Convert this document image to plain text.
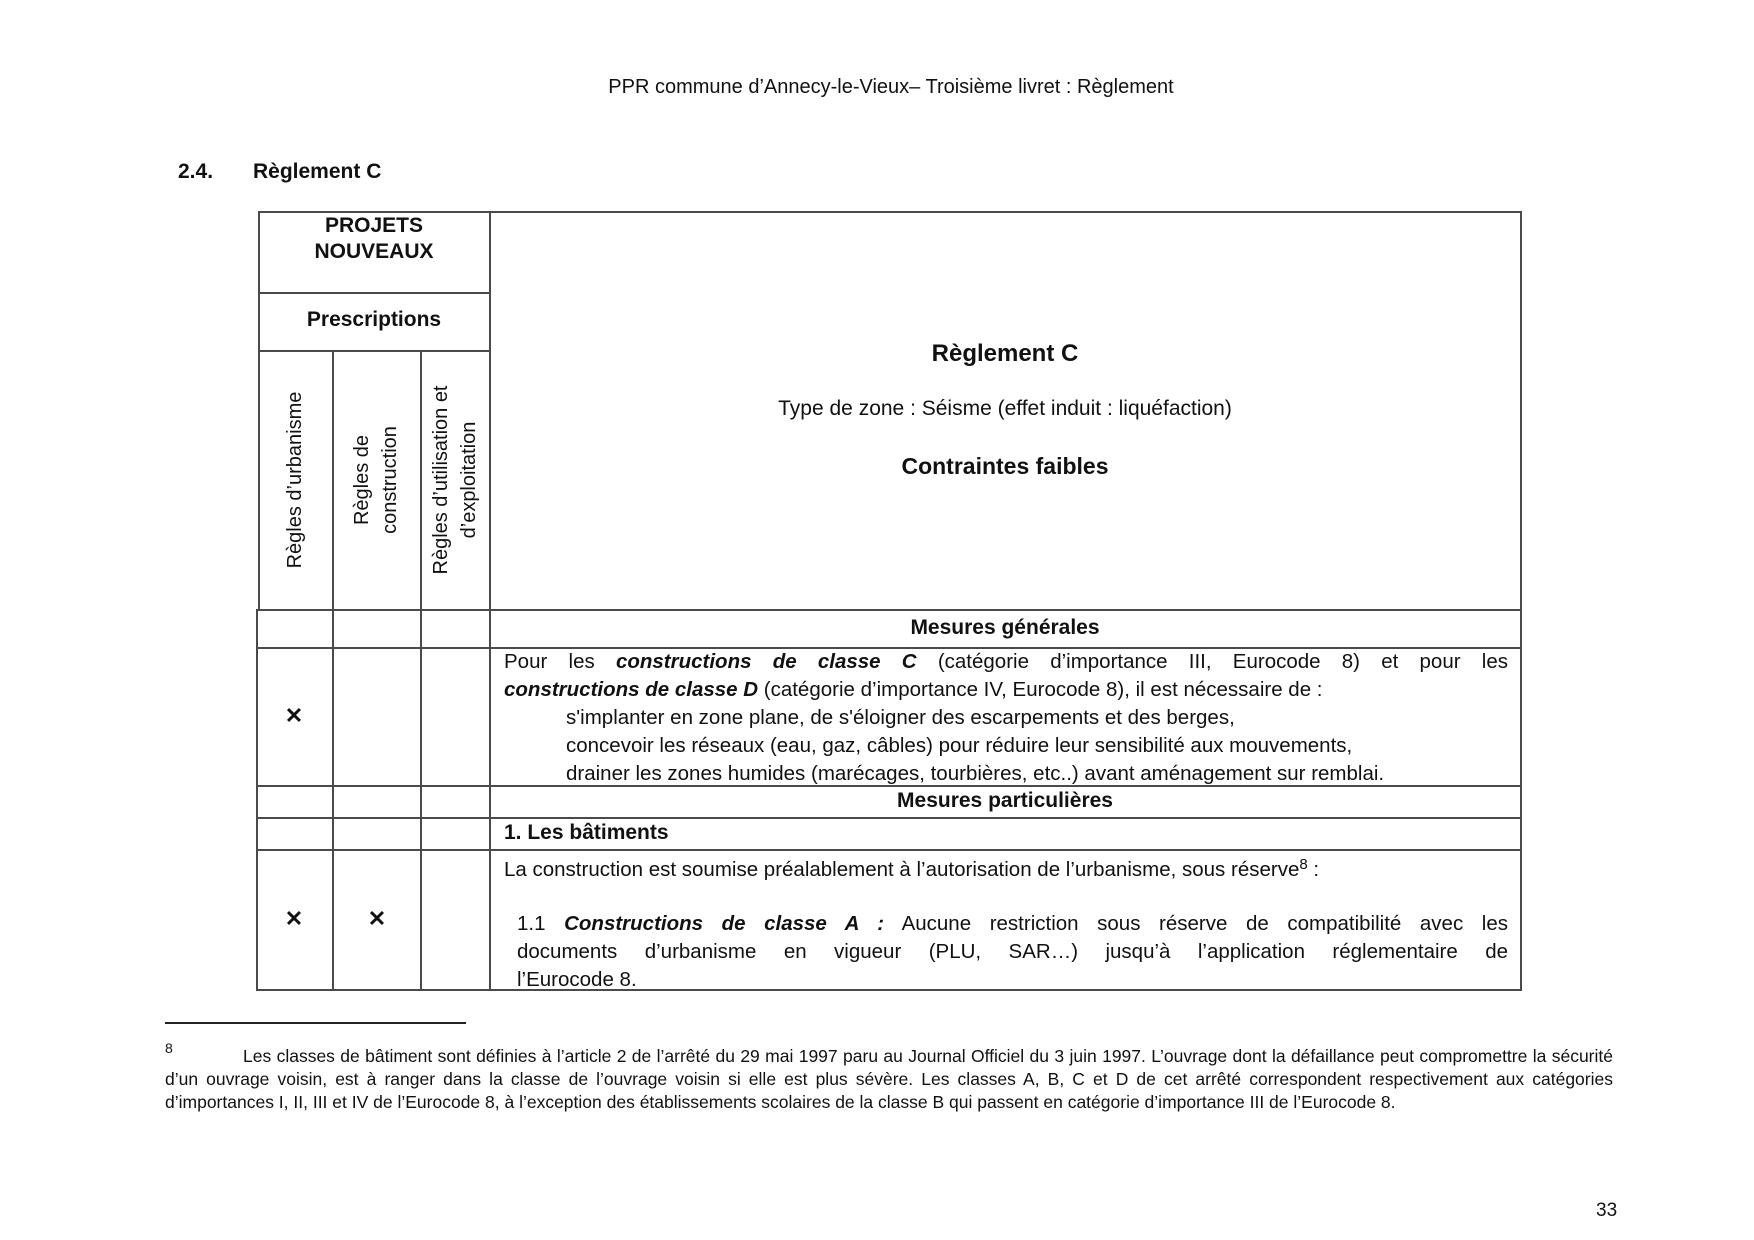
PPR commune d’Annecy-le-Vieux– Troisième livret : Règlement
2.4. Règlement C
PROJETS
NOUVEAUX
Prescriptions
Règles d’urbanisme Règles de construction Règles d’utilisation et d’exploitation
Règlement C
Type de zone : Séisme (effet induit : liquéfaction)
Contraintes faibles
Mesures générales
✕
Pour les constructions de classe C (catégorie d’importance III, Eurocode 8) et pour les
constructions de classe D (catégorie d’importance IV, Eurocode 8), il est nécessaire de :
s'implanter en zone plane, de s'éloigner des escarpements et des berges,
concevoir les réseaux (eau, gaz, câbles) pour réduire leur sensibilité aux mouvements,
drainer les zones humides (marécages, tourbières, etc..) avant aménagement sur remblai.
Mesures particulières
1. Les bâtiments
✕	✕
La construction est soumise préalablement à l’autorisation de l’urbanisme, sous réserve$^8$ :
1.1 Constructions de classe A : Aucune restriction sous réserve de compatibilité avec les
documents d’urbanisme en vigueur (PLU, SAR…) jusqu’à l’application réglementaire de
l’Eurocode 8.
8	Les classes de bâtiment sont définies à l’article 2 de l’arrêté du 29 mai 1997 paru au Journal Officiel du 3 juin 1997. L’ouvrage dont la défaillance peut compromettre la sécurité d’un ouvrage voisin, est à ranger dans la classe de l’ouvrage voisin si elle est plus sévère. Les classes A, B, C et D de cet arrêté correspondent respectivement aux catégories d’importances I, II, III et IV de l’Eurocode 8, à l’exception des établissements scolaires de la classe B qui passent en catégorie d’importance III de l’Eurocode 8.
33
